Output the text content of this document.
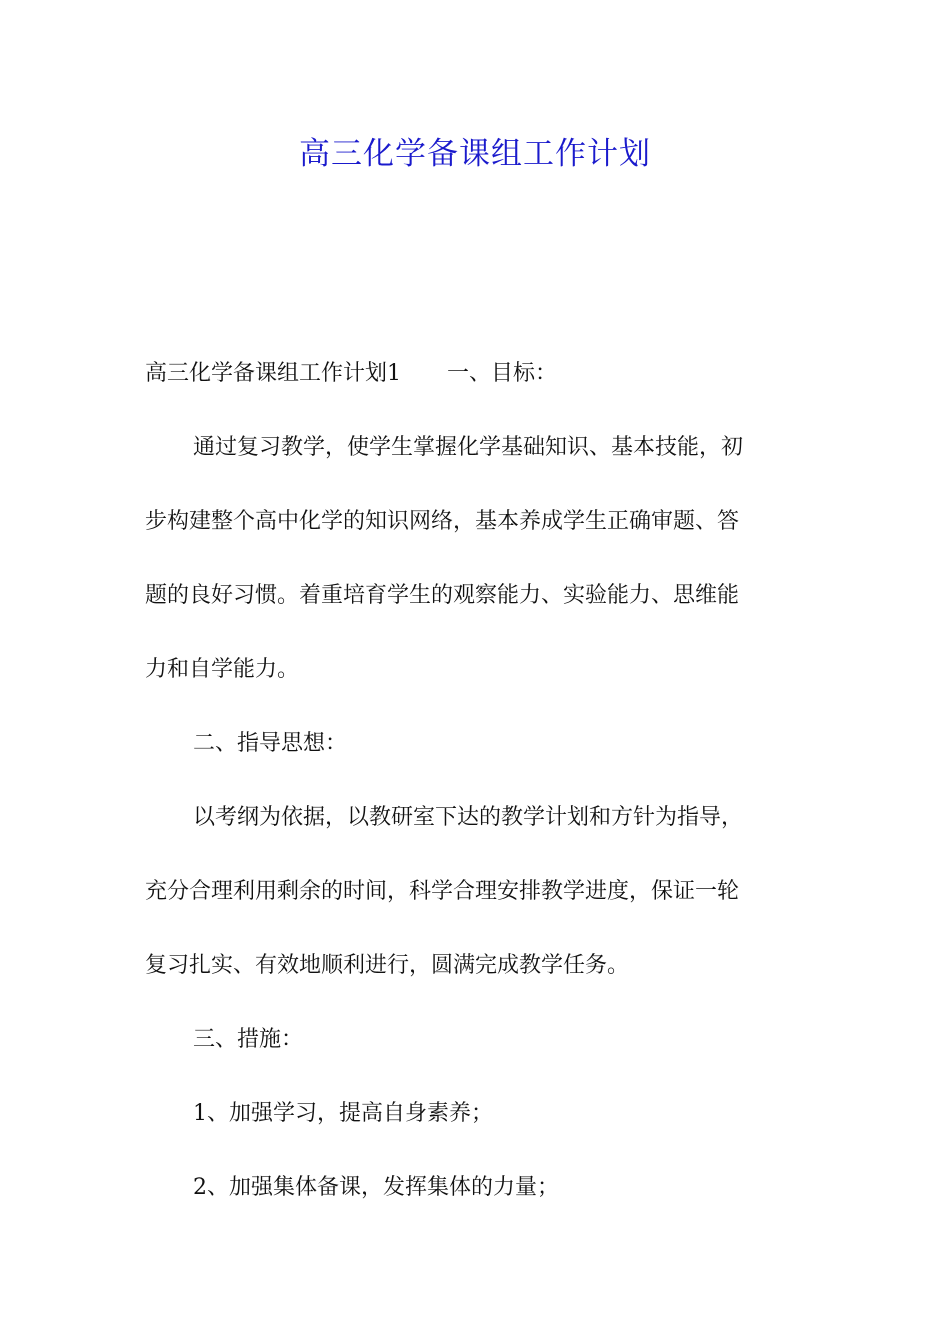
高三化学备课组工作计划
高三化学备课组工作计划1 一、目标：
通过复习教学，使学生掌握化学基础知识、基本技能，初
步构建整个高中化学的知识网络，基本养成学生正确审题、答
题的良好习惯。着重培育学生的观察能力、实验能力、思维能
力和自学能力。
二、指导思想：
以考纲为依据，以教研室下达的教学计划和方针为指导，
充分合理利用剩余的时间，科学合理安排教学进度，保证一轮
复习扎实、有效地顺利进行，圆满完成教学任务。
三、措施：
1、加强学习，提高自身素养；
2、加强集体备课，发挥集体的力量；
